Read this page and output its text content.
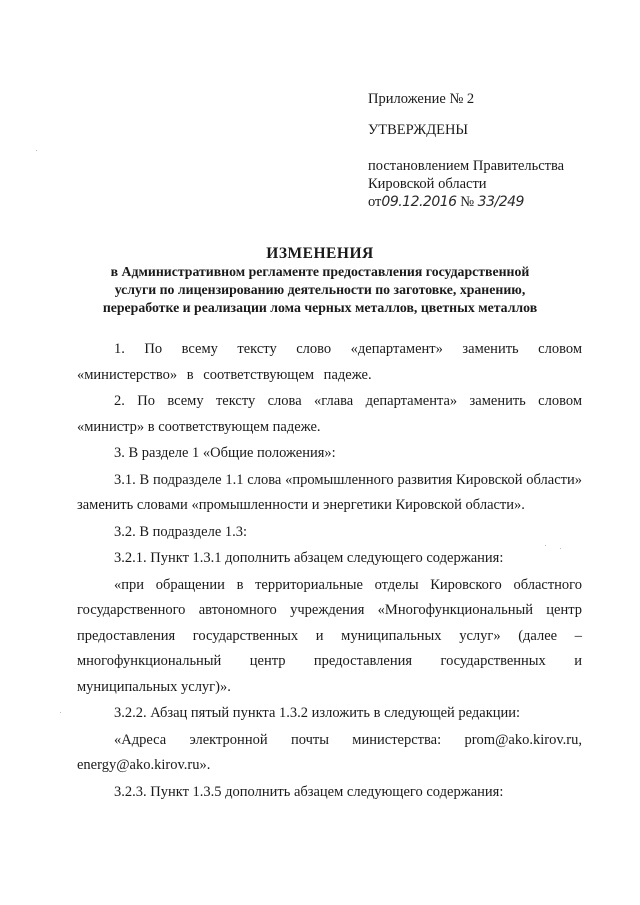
Приложение № 2
УТВЕРЖДЕНЫ
постановлением Правительства
Кировской области
от09.12.2016 № 33/249
ИЗМЕНЕНИЯ
в Административном регламенте предоставления государственной
услуги по лицензированию деятельности по заготовке, хранению,
переработке и реализации лома черных металлов, цветных металлов

1. По всему тексту слово «департамент» заменить словом «министерство» в соответствующем падеже.

2. По всему тексту слова «глава департамента» заменить словом «министр» в соответствующем падеже.

3. В разделе 1 «Общие положения»:

3.1. В подразделе 1.1 слова «промышленного развития Кировской области» заменить словами «промышленности и энергетики Кировской области».

3.2. В подразделе 1.3:

3.2.1. Пункт 1.3.1 дополнить абзацем следующего содержания:

«при обращении в территориальные отделы Кировского областного государственного автономного учреждения «Многофункциональный центр предоставления государственных и муниципальных услуг» (далее – многофункциональный центр предоставления государственных и муниципальных услуг)».

3.2.2. Абзац пятый пункта 1.3.2 изложить в следующей редакции:

«Адреса электронной почты министерства: prom@ako.kirov.ru, energy@ako.kirov.ru».

3.2.3. Пункт 1.3.5 дополнить абзацем следующего содержания:
